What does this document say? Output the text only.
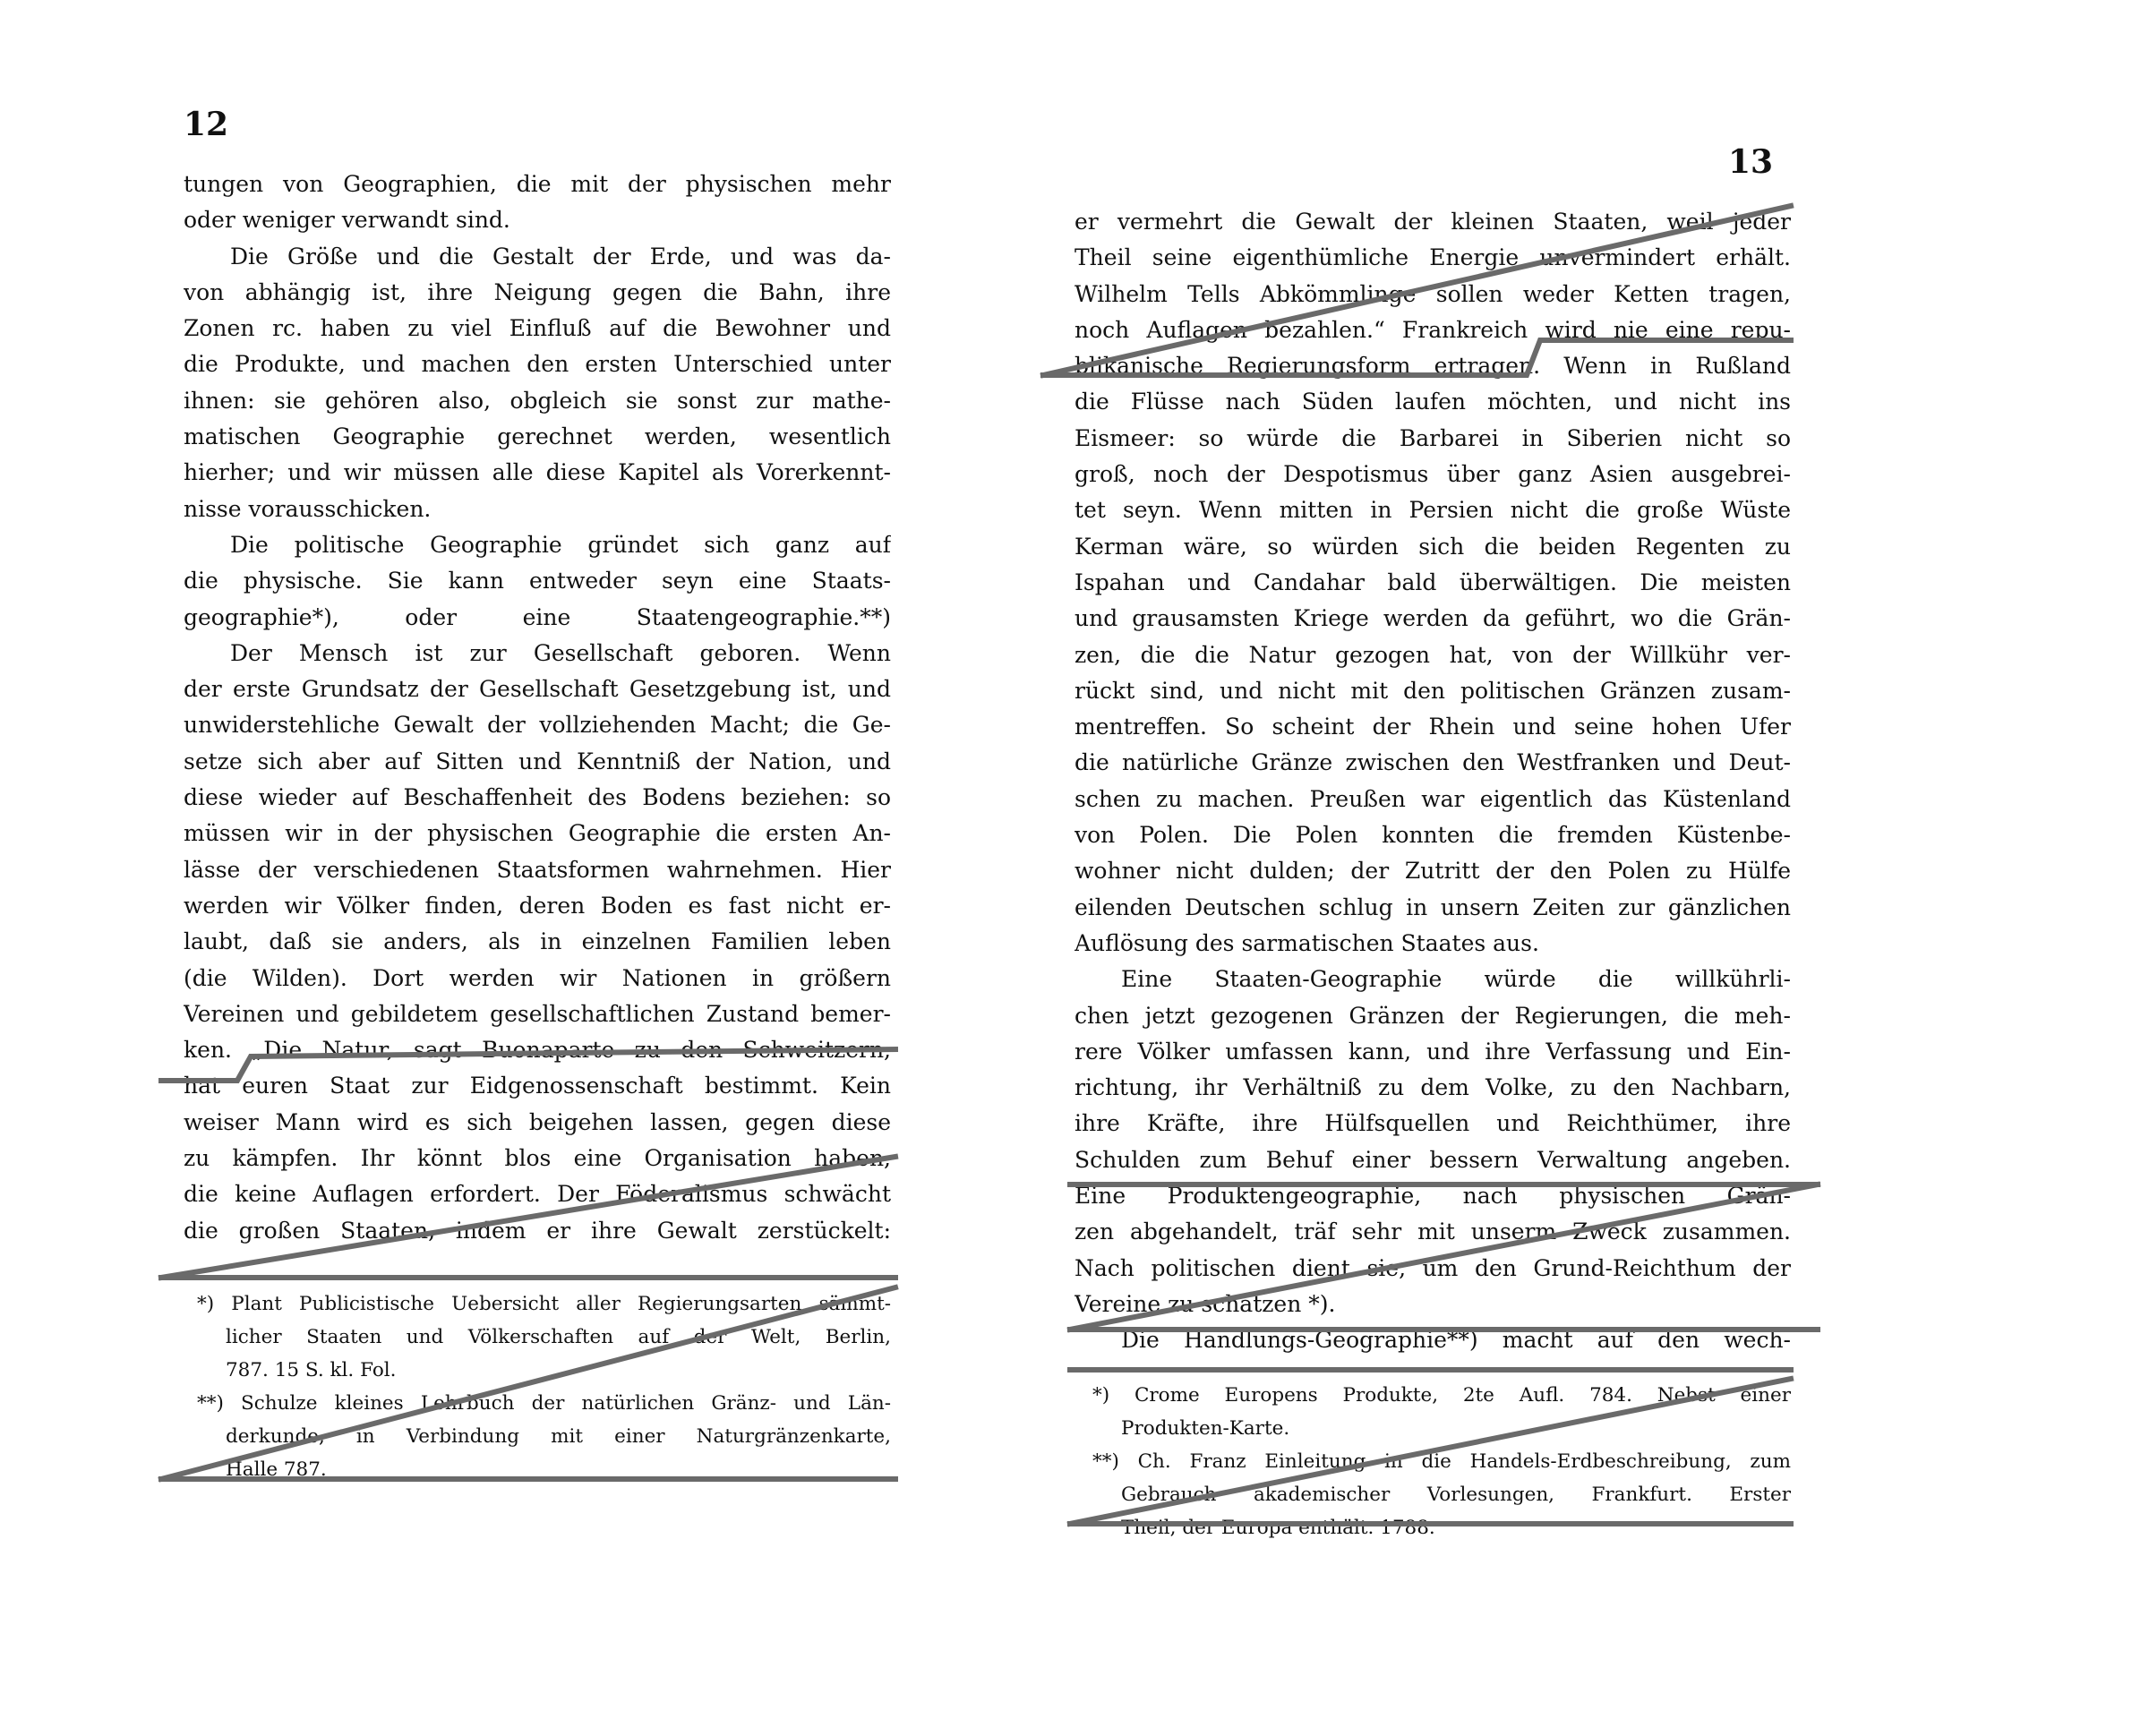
12
tungen von Geographien, die mit der physischen mehr
oder weniger verwandt sind.
Die Größe und die Gestalt der Erde, und was da-
von abhängig ist, ihre Neigung gegen die Bahn, ihre
Zonen rc. haben zu viel Einfluß auf die Bewohner und
die Produkte, und machen den ersten Unterschied unter
ihnen: sie gehören also, obgleich sie sonst zur mathe-
matischen Geographie gerechnet werden, wesentlich
hierher; und wir müssen alle diese Kapitel als Vorerkennt-
nisse vorausschicken.
Die politische Geographie gründet sich ganz auf
die physische. Sie kann entweder seyn eine Staats-
geographie*), oder eine Staatengeographie.**)
Der Mensch ist zur Gesellschaft geboren. Wenn
der erste Grundsatz der Gesellschaft Gesetzgebung ist, und
unwiderstehliche Gewalt der vollziehenden Macht; die Ge-
setze sich aber auf Sitten und Kenntniß der Nation, und
diese wieder auf Beschaffenheit des Bodens beziehen: so
müssen wir in der physischen Geographie die ersten An-
lässe der verschiedenen Staatsformen wahrnehmen. Hier
werden wir Völker finden, deren Boden es fast nicht er-
laubt, daß sie anders, als in einzelnen Familien leben
(die Wilden). Dort werden wir Nationen in größern
Vereinen und gebildetem gesellschaftlichen Zustand bemer-
ken. „Die Natur, sagt Buonaparte zu den Schweitzern,
hat euren Staat zur Eidgenossenschaft bestimmt. Kein
weiser Mann wird es sich beigehen lassen, gegen diese
zu kämpfen. Ihr könnt blos eine Organisation haben,
die keine Auflagen erfordert. Der Föderalismus schwächt
die großen Staaten, indem er ihre Gewalt zerstückelt:
*) Plant Publicistische Uebersicht aller Regierungsarten sämmt-
licher Staaten und Völkerschaften auf der Welt, Berlin,
787. 15 S. kl. Fol.
**) Schulze kleines Lehrbuch der natürlichen Gränz- und Län-
derkunde, in Verbindung mit einer Naturgränzenkarte,
Halle 787.
13
er vermehrt die Gewalt der kleinen Staaten, weil jeder
Theil seine eigenthümliche Energie unvermindert erhält.
Wilhelm Tells Abkömmlinge sollen weder Ketten tragen,
noch Auflagen bezahlen.“ Frankreich wird nie eine repu-
blikanische Regierungsform ertragen. Wenn in Rußland
die Flüsse nach Süden laufen möchten, und nicht ins
Eismeer: so würde die Barbarei in Siberien nicht so
groß, noch der Despotismus über ganz Asien ausgebrei-
tet seyn. Wenn mitten in Persien nicht die große Wüste
Kerman wäre, so würden sich die beiden Regenten zu
Ispahan und Candahar bald überwältigen. Die meisten
und grausamsten Kriege werden da geführt, wo die Grän-
zen, die die Natur gezogen hat, von der Willkühr ver-
rückt sind, und nicht mit den politischen Gränzen zusam-
mentreffen. So scheint der Rhein und seine hohen Ufer
die natürliche Gränze zwischen den Westfranken und Deut-
schen zu machen. Preußen war eigentlich das Küstenland
von Polen. Die Polen konnten die fremden Küstenbe-
wohner nicht dulden; der Zutritt der den Polen zu Hülfe
eilenden Deutschen schlug in unsern Zeiten zur gänzlichen
Auflösung des sarmatischen Staates aus.
Eine Staaten-Geographie würde die willkührli-
chen jetzt gezogenen Gränzen der Regierungen, die meh-
rere Völker umfassen kann, und ihre Verfassung und Ein-
richtung, ihr Verhältniß zu dem Volke, zu den Nachbarn,
ihre Kräfte, ihre Hülfsquellen und Reichthümer, ihre
Schulden zum Behuf einer bessern Verwaltung angeben.
Eine Produktengeographie, nach physischen Grän-
zen abgehandelt, träf sehr mit unserm Zweck zusammen.
Nach politischen dient sie, um den Grund-Reichthum der
Vereine zu schätzen *).
Die Handlungs-Geographie**) macht auf den wech-
*) Crome Europens Produkte, 2te Aufl. 784. Nebst einer
Produkten-Karte.
**) Ch. Franz Einleitung in die Handels-Erdbeschreibung, zum
Gebrauch akademischer Vorlesungen, Frankfurt. Erster
Theil, der Europa enthält. 1788.
